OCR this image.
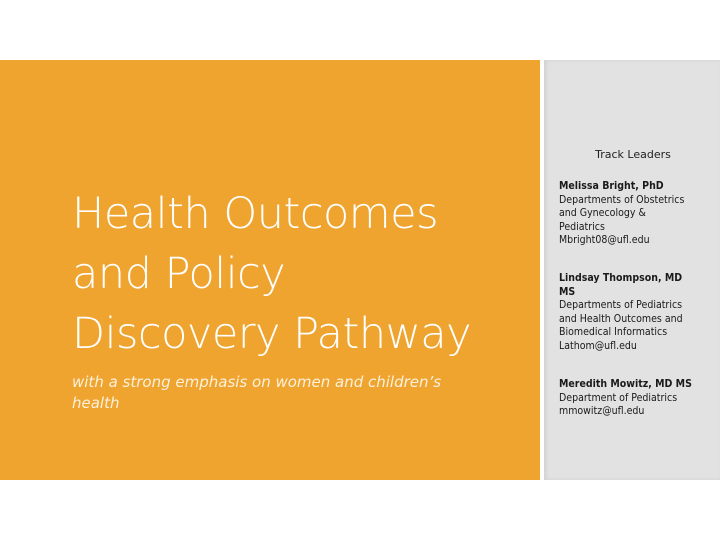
Health Outcomes
and Policy
Discovery Pathway

with a strong emphasis on women and children’s
health

Track Leaders

Melissa Bright, PhD
Departments of Obstetrics
and Gynecology &
Pediatrics
Mbright08@ufl.edu
Lindsay Thompson, MD
MS
Departments of Pediatrics
and Health Outcomes and
Biomedical Informatics
Lathom@ufl.edu
Meredith Mowitz, MD MS
Department of Pediatrics
mmowitz@ufl.edu
